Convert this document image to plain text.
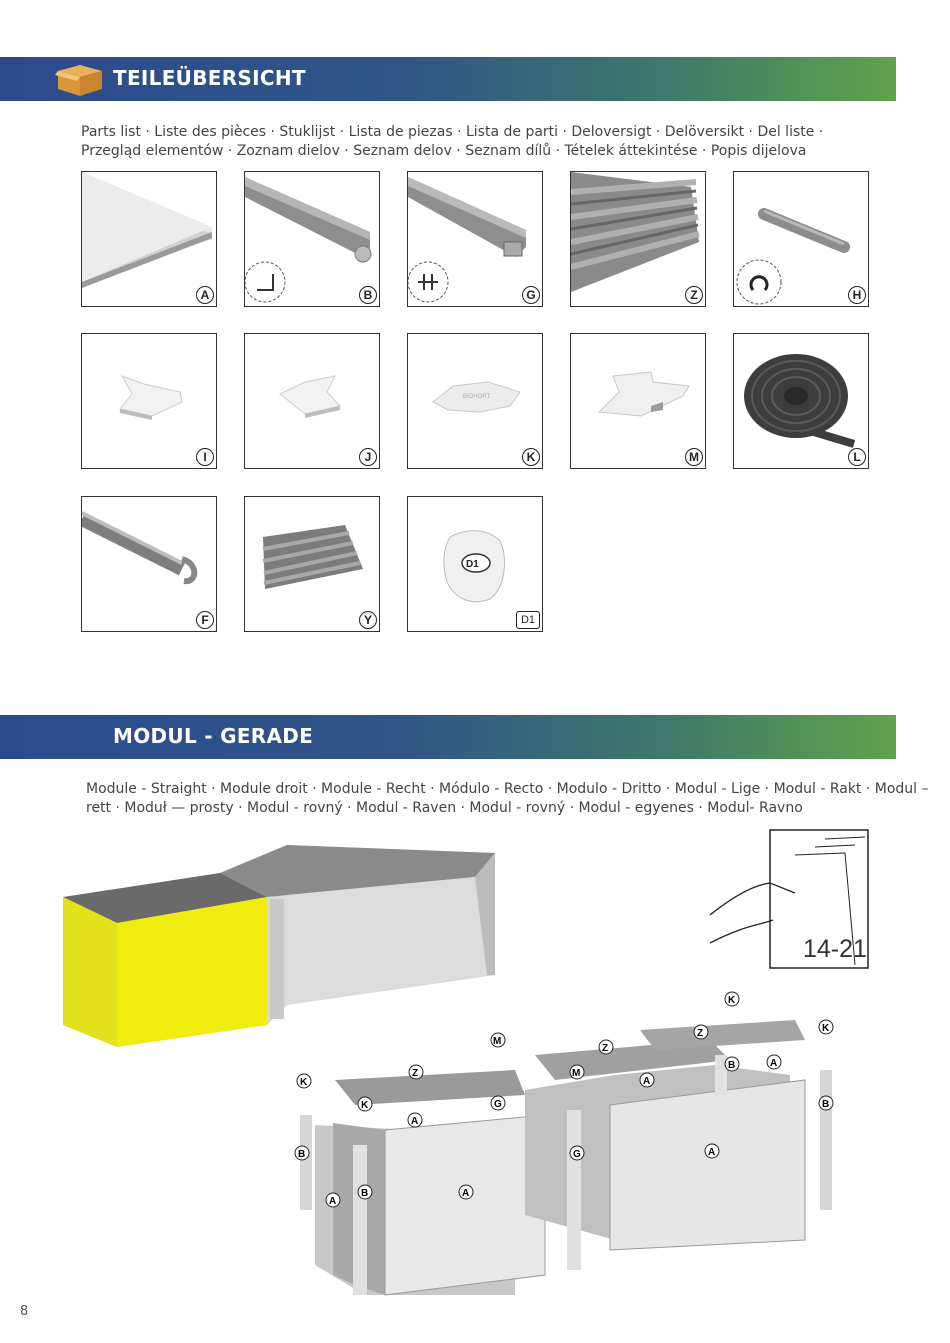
TEILEÜBERSICHT
Parts list · Liste des pièces · Stuklijst · Lista de piezas · Lista de parti · Deloversigt · Delöversikt · Del liste ·
Przegląd elementów · Zoznam dielov · Seznam delov · Seznam dílů · Tételek áttekintése · Popis dijelova
A	B	G	Z	H
I	J
BIOHORT
K	M	L
F	Y
D1
D1
MODUL - GERADE
Module - Straight · Module droit · Module - Recht · Módulo - Recto · Modulo - Dritto · Modul - Lige · Modul - Rakt · Modul –
rett · Moduł — prosty · Modul - rovný · Modul - Raven · Modul - rovný · Modul - egyenes · Modul- Ravno
14-21
K
Z
M
G
B
A
A
B
K
A
Z
M
A
Z
B	A
K
B
K
G	A
8
